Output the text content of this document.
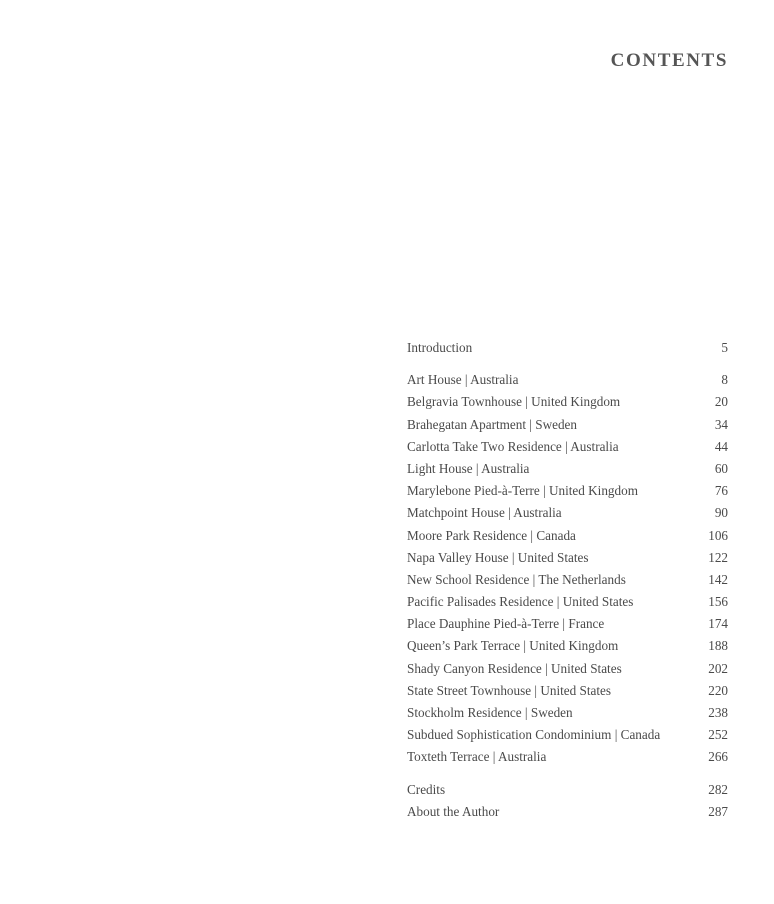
CONTENTS
Introduction	5
Art House | Australia	8
Belgravia Townhouse | United Kingdom	20
Brahegatan Apartment | Sweden	34
Carlotta Take Two Residence | Australia	44
Light House | Australia	60
Marylebone Pied-à-Terre | United Kingdom	76
Matchpoint House | Australia	90
Moore Park Residence | Canada	106
Napa Valley House | United States	122
New School Residence | The Netherlands	142
Pacific Palisades Residence | United States	156
Place Dauphine Pied-à-Terre | France	174
Queen’s Park Terrace | United Kingdom	188
Shady Canyon Residence | United States	202
State Street Townhouse | United States	220
Stockholm Residence | Sweden	238
Subdued Sophistication Condominium | Canada	252
Toxteth Terrace | Australia	266
Credits	282
About the Author	287
